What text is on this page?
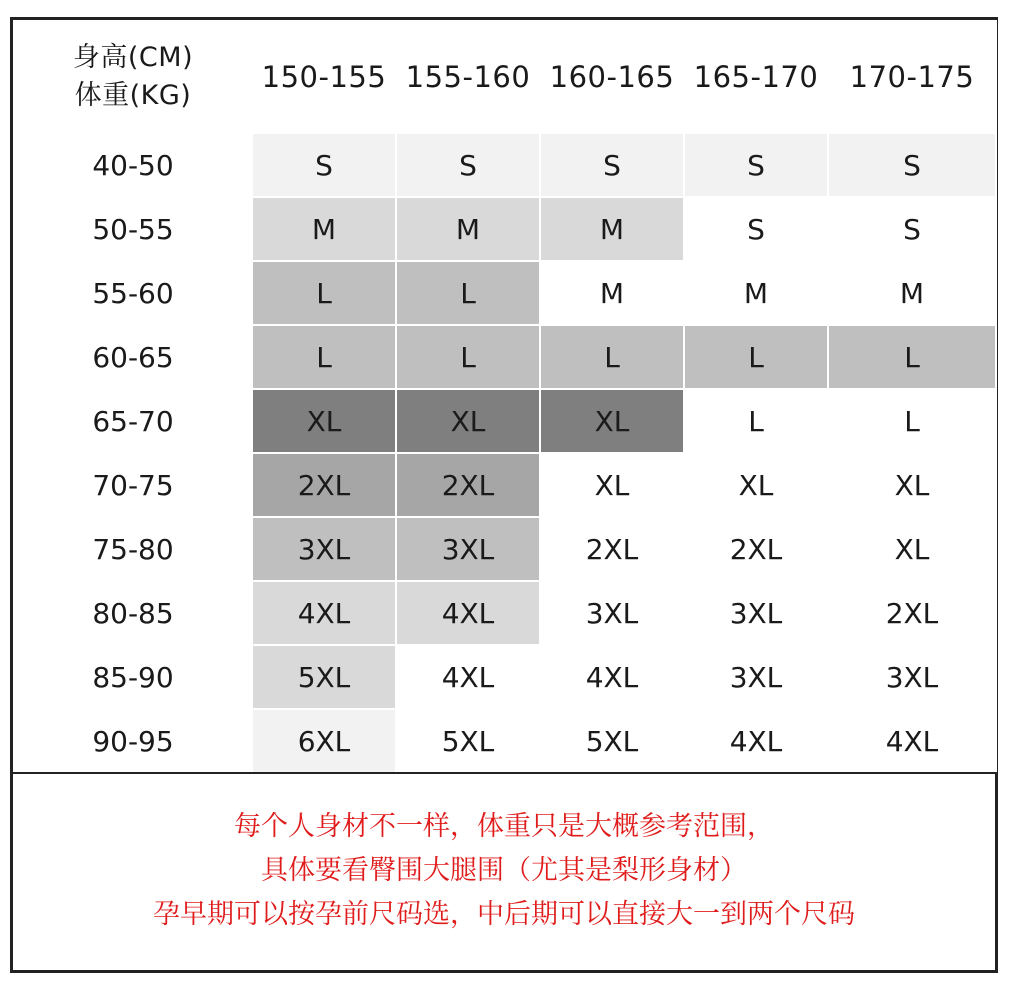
身高(CM)
体重(KG)	150-155	155-160	160-165	165-170	170-175
40-50	S	S	S	S	S
50-55	M	M	M	S	S
55-60	L	L	M	M	M
60-65	L	L	L	L	L
65-70	XL	XL	XL	L	L
70-75	2XL	2XL	XL	XL	XL
75-80	3XL	3XL	2XL	2XL	XL
80-85	4XL	4XL	3XL	3XL	2XL
85-90	5XL	4XL	4XL	3XL	3XL
90-95	6XL	5XL	5XL	4XL	4XL
每个人身材不一样，体重只是大概参考范围，
具体要看臀围大腿围（尤其是梨形身材）
孕早期可以按孕前尺码选，中后期可以直接大一到两个尺码
